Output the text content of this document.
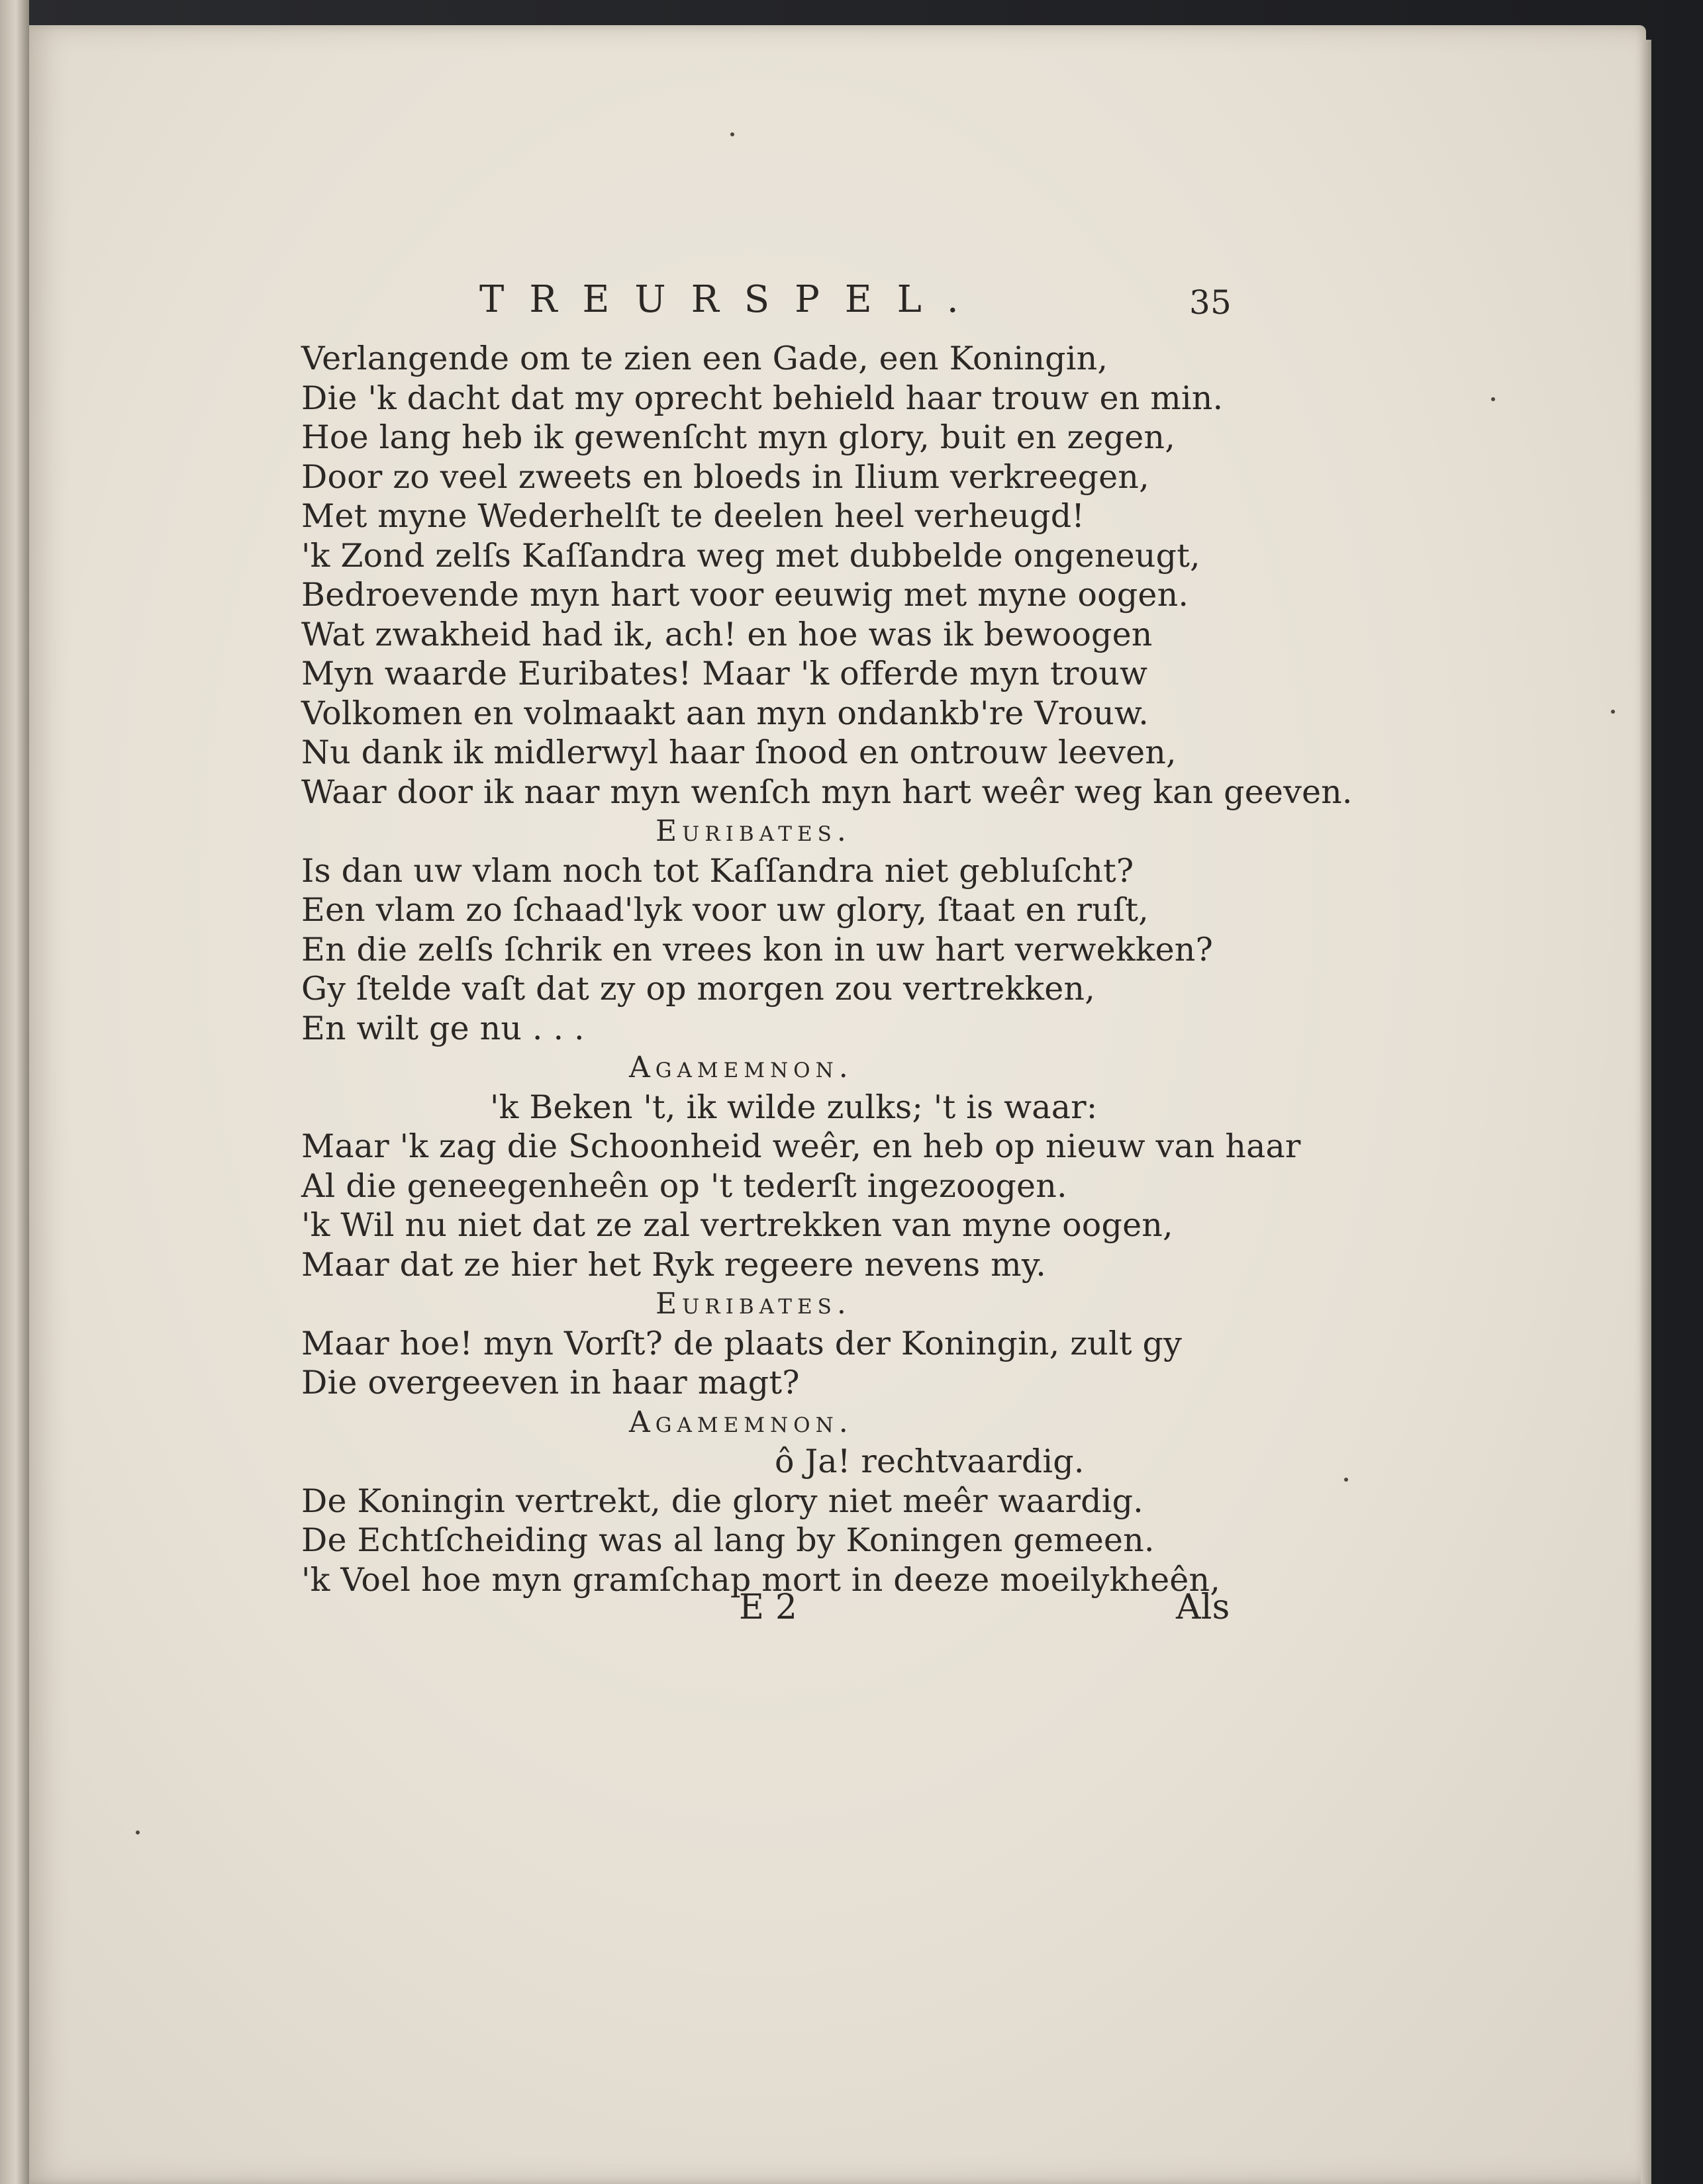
TREURSPEL.	35
Verlangende om te zien een Gade, een Koningin,
Die 'k dacht dat my oprecht behield haar trouw en min.
Hoe lang heb ik gewenſcht myn glory, buit en zegen,
Door zo veel zweets en bloeds in Ilium verkreegen,
Met myne Wederhelſt te deelen heel verheugd!
'k Zond zelſs Kaſſandra weg met dubbelde ongeneugt,
Bedroevende myn hart voor eeuwig met myne oogen.
Wat zwakheid had ik, ach! en hoe was ik bewoogen
Myn waarde Euribates! Maar 'k offerde myn trouw
Volkomen en volmaakt aan myn ondankb're Vrouw.
Nu dank ik midlerwyl haar ſnood en ontrouw leeven,
Waar door ik naar myn wenſch myn hart weêr weg kan geeven.
Euribates.
Is dan uw vlam noch tot Kaſſandra niet gebluſcht?
Een vlam zo ſchaad'lyk voor uw glory, ſtaat en ruſt,
En die zelſs ſchrik en vrees kon in uw hart verwekken?
Gy ſtelde vaſt dat zy op morgen zou vertrekken,
En wilt ge nu . . .
Agamemnon.
'k Beken 't, ik wilde zulks; 't is waar:
Maar 'k zag die Schoonheid weêr, en heb op nieuw van haar
Al die geneegenheên op 't tederſt ingezoogen.
'k Wil nu niet dat ze zal vertrekken van myne oogen,
Maar dat ze hier het Ryk regeere nevens my.
Euribates.
Maar hoe! myn Vorſt? de plaats der Koningin, zult gy
Die overgeeven in haar magt?
Agamemnon.
ô Ja! rechtvaardig.
De Koningin vertrekt, die glory niet meêr waardig.
De Echtſcheiding was al lang by Koningen gemeen.
'k Voel hoe myn gramſchap mort in deeze moeilykheên,
E 2	Als
